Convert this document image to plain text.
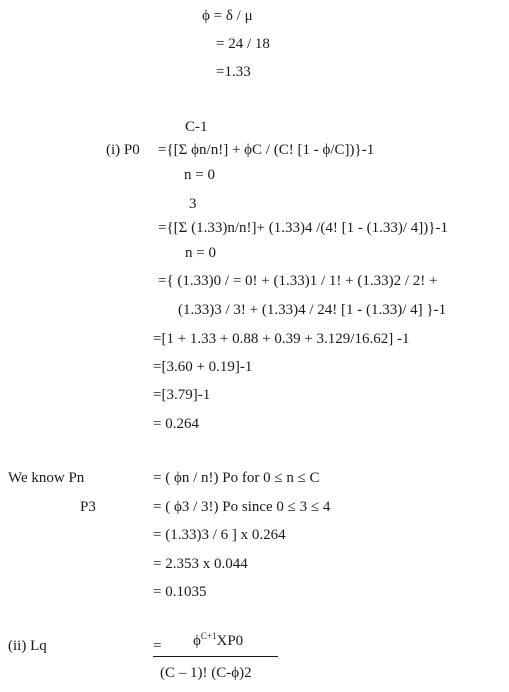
ϕ = δ / μ
= 24 / 18
=1.33
C-1
(i) P0 ={[Σ ϕn/n!] + ϕC / (C! [1 - ϕ/C])}-1
n = 0
3
={[Σ (1.33)n/n!]+ (1.33)4 /(4! [1 - (1.33)/ 4])}-1
n = 0
={ (1.33)0 / = 0! + (1.33)1 / 1! + (1.33)2 / 2! +
(1.33)3 / 3! + (1.33)4 / 24! [1 - (1.33)/ 4] }-1
=[1 + 1.33 + 0.88 + 0.39 + 3.129/16.62] -1
=[3.60 + 0.19]-1
=[3.79]-1
= 0.264
We know Pn	= ( ϕn / n!) Po for 0 ≤ n ≤ C
P3	= ( ϕ3 / 3!) Po since 0 ≤ 3 ≤ 4
= (1.33)3 / 6 ] x 0.264
= 2.353 x 0.044
= 0.1035
(ii) Lq	= $\phi^{C+1}XP0$
(C – 1)! (C-ϕ)2
